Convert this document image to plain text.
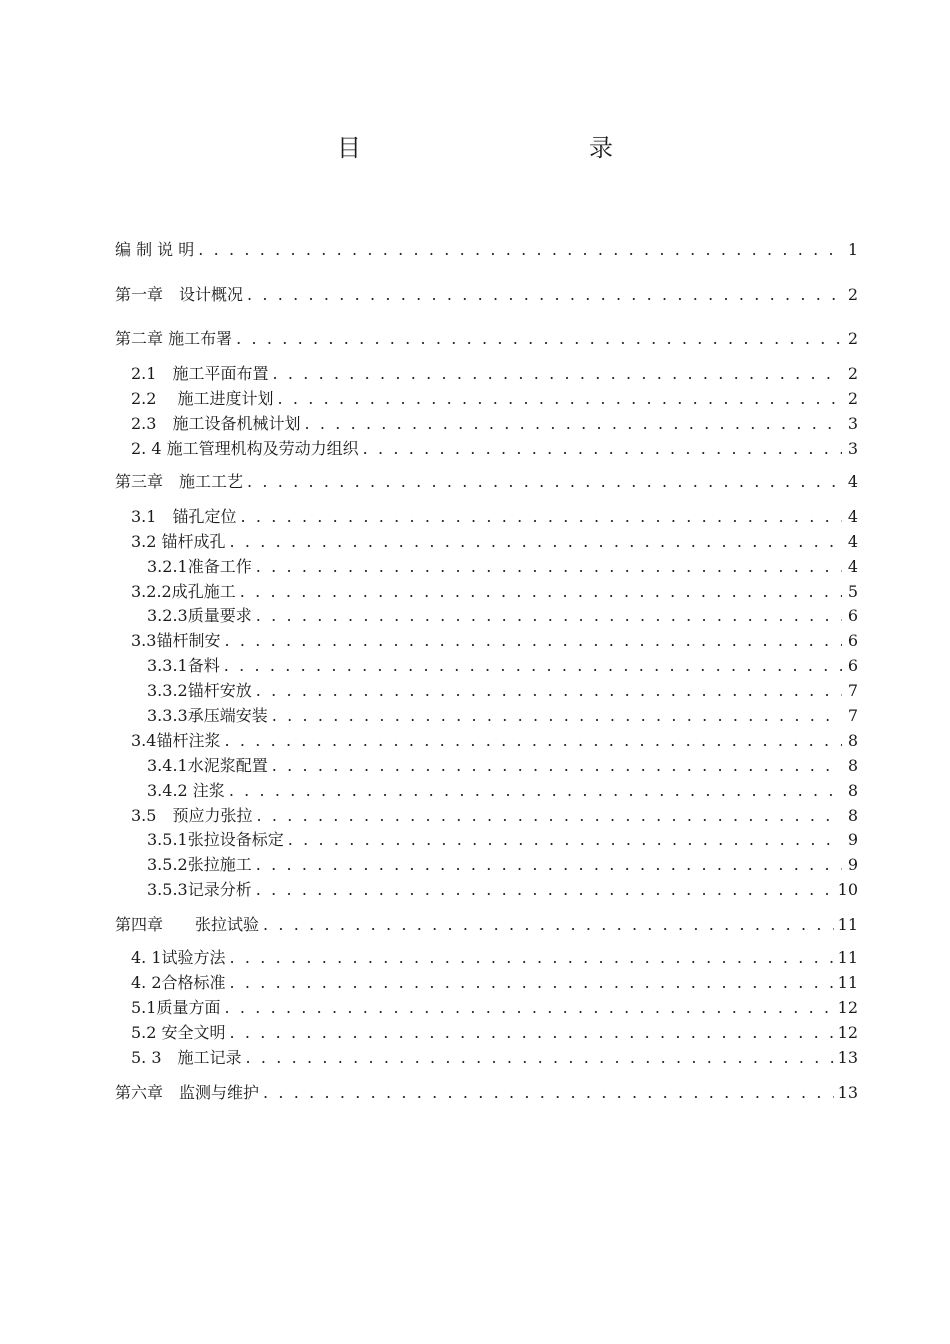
目　　录
编 制 说 明 . . .	1
第一章　设计概况 . . .	2
第二章 施工布署 . . .	2
2.1　施工平面布置 . . .	2
2.2　 施工进度计划 . . .	2
2.3　施工设备机械计划 . . .	3
2. 4 施工管理机构及劳动力组织 . . .	3
第三章　施工工艺 . . .	4
3.1　锚孔定位 . . .	4
3.2 锚杆成孔 . . .	4
3.2.1准备工作 . . .	4
3.2.2成孔施工 . . .	5
3.2.3质量要求 . . .	6
3.3锚杆制安 . . .	6
3.3.1备料 . . .	6
3.3.2锚杆安放 . . .	7
3.3.3承压端安装 . . .	7
3.4锚杆注浆 . . .	8
3.4.1水泥浆配置 . . .	8
3.4.2 注浆 . . .	8
3.5　预应力张拉 . . .	8
3.5.1张拉设备标定 . . .	9
3.5.2张拉施工 . . .	9
3.5.3记录分析 . . .	10
第四章　　张拉试验 . . .	11
4. 1试验方法 . . .	11
4. 2合格标准 . . .	11
5.1质量方面 . . .	12
5.2 安全文明 . . .	12
5. 3　施工记录 . . .	13
第六章　监测与维护 . . .	13
